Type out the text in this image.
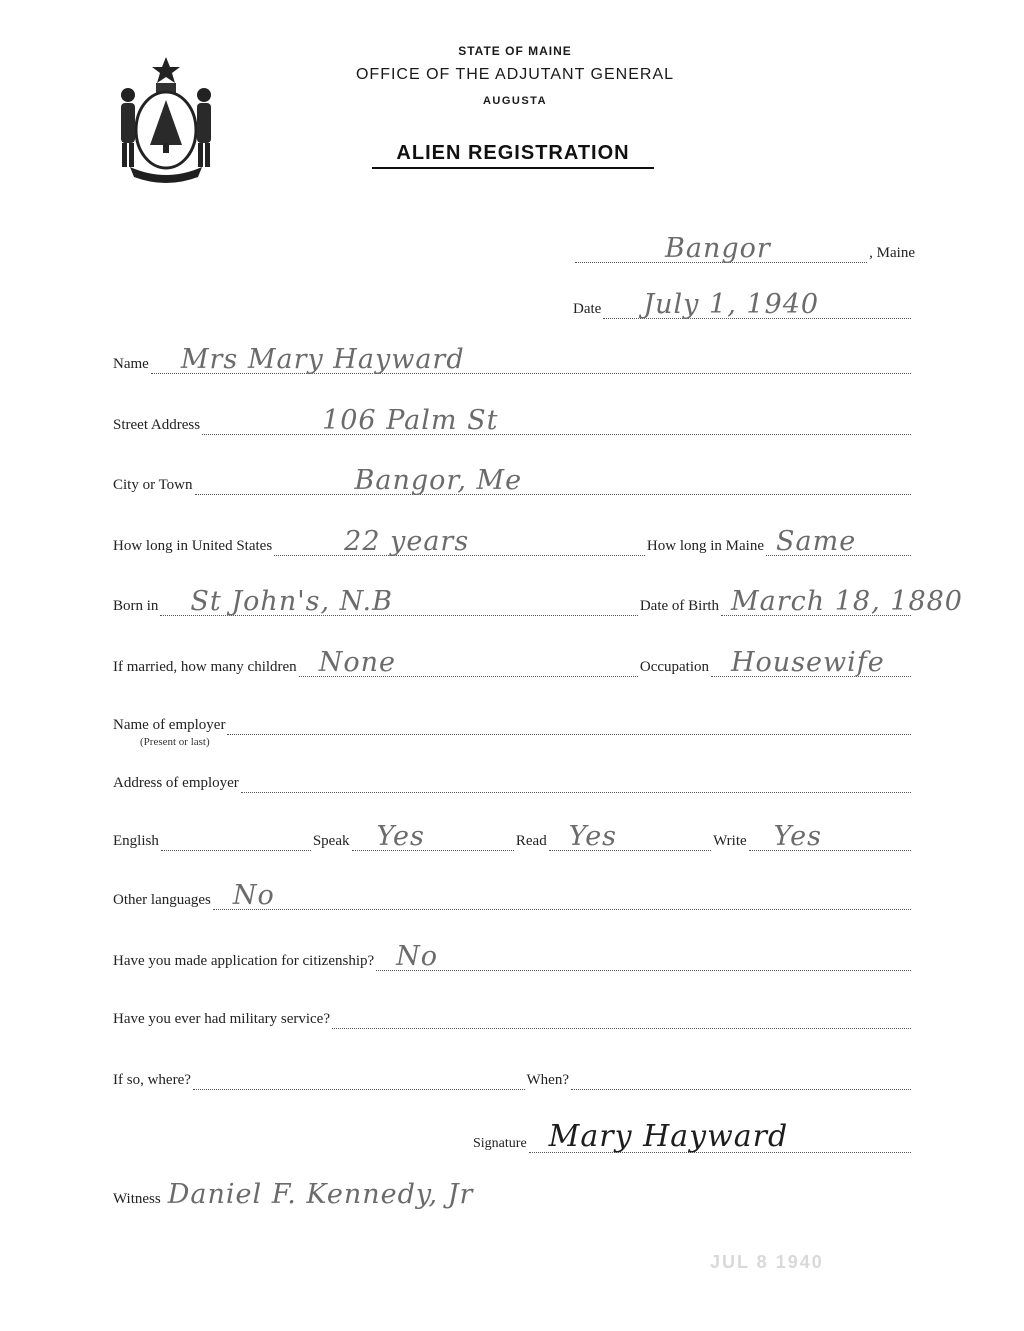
STATE OF MAINE
OFFICE OF THE ADJUTANT GENERAL
AUGUSTA
ALIEN REGISTRATION
Bangor	, Maine
Date July 1, 1940
Name Mrs Mary Hayward
Street Address	106 Palm St
City or Town	Bangor, Me
How long in United States	22 years	How long in Maine Same
Born in St John's, N.B	Date of Birth March 18, 1880
If married, how many children None	Occupation Housewife
Name of employer
(Present or last)
Address of employer
English	Speak Yes	Read Yes	Write Yes
Other languages No
Have you made application for citizenship? No
Have you ever had military service?
If so, where?	When?
Signature Mary Hayward
Witness Daniel F. Kennedy, Jr
JUL 8 1940
